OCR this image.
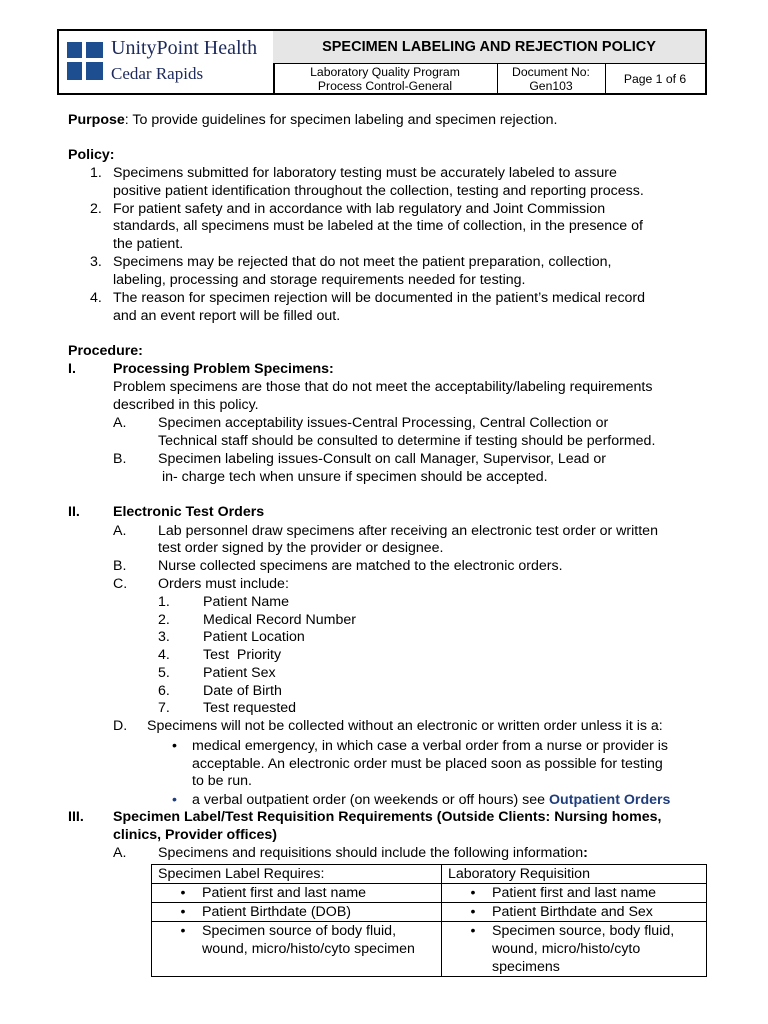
UnityPoint Health
Cedar Rapids
SPECIMEN LABELING AND REJECTION POLICY
Laboratory Quality Program
Process Control-General
Document No:
Gen103	Page 1 of 6
Purpose: To provide guidelines for specimen labeling and specimen rejection.
Policy:
1. Specimens submitted for laboratory testing must be accurately labeled to assure
positive patient identification throughout the collection, testing and reporting process.
2. For patient safety and in accordance with lab regulatory and Joint Commission
standards, all specimens must be labeled at the time of collection, in the presence of
the patient.
3. Specimens may be rejected that do not meet the patient preparation, collection,
labeling, processing and storage requirements needed for testing.
4. The reason for specimen rejection will be documented in the patient’s medical record
and an event report will be filled out.
Procedure:
I.	Processing Problem Specimens:
Problem specimens are those that do not meet the acceptability/labeling requirements
described in this policy.
A. Specimen acceptability issues-Central Processing, Central Collection or
Technical staff should be consulted to determine if testing should be performed.
B. Specimen labeling issues-Consult on call Manager, Supervisor, Lead or
in- charge tech when unsure if specimen should be accepted.
II. Electronic Test Orders
A. Lab personnel draw specimens after receiving an electronic test order or written
test order signed by the provider or designee.
B. Nurse collected specimens are matched to the electronic orders.
C. Orders must include:
1. Patient Name
2. Medical Record Number
3. Patient Location
4. Test  Priority
5. Patient Sex
6. Date of Birth
7. Test requested
D. Specimens will not be collected without an electronic or written order unless it is a:
• medical emergency, in which case a verbal order from a nurse or provider is
acceptable. An electronic order must be placed soon as possible for testing
to be run.
• a verbal outpatient order (on weekends or off hours) see Outpatient Orders
III. Specimen Label/Test Requisition Requirements (Outside Clients: Nursing homes,
clinics, Provider offices)
A. Specimens and requisitions should include the following information:
Specimen Label Requires:	Laboratory Requisition

• Patient first and last name	• Patient first and last name

• Patient Birthdate (DOB)	• Patient Birthdate and Sex

• Specimen source of body fluid,
wound, micro/histo/cyto specimen	• Specimen source, body fluid,
wound, micro/histo/cyto
specimens
